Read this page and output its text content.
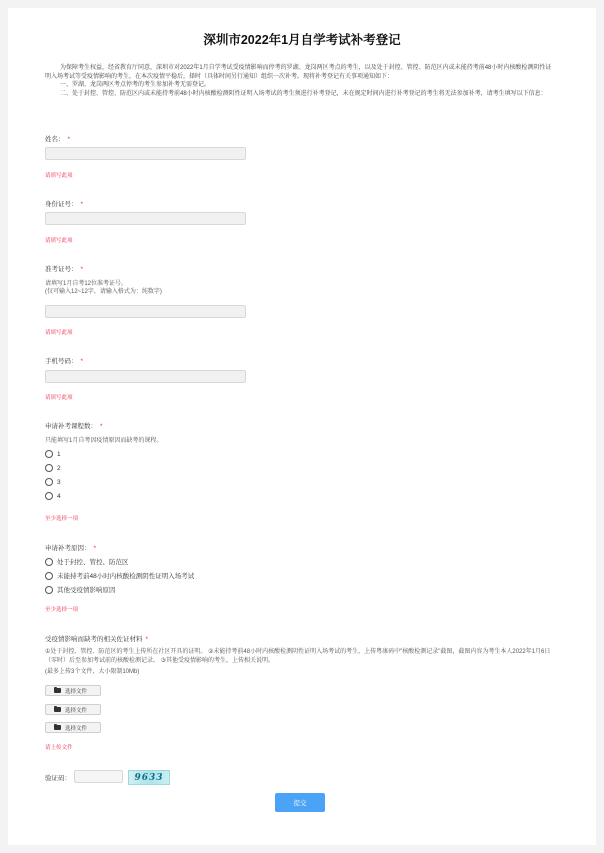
深圳市2022年1月自学考试补考登记

为保障考生权益，经省教育厅同意，深圳市对2022年1月自学考试受疫情影响而停考的罗湖、龙岗两区考点的考生，以及处于封控、管控、防范区内或未能持考前48小时内核酸检测阴性证明入场考试等受疫情影响的考生，在本次疫情平稳后，择时（具体时间另行通知）组织一次补考。现将补考登记有关事项通知如下：

一、罗湖、龙岗两区考点停考的考生参加补考无需登记。

二、处于封控、管控、防范区内或未能持考前48小时内核酸检测阴性证明入场考试的考生须进行补考登记，未在规定时间内进行补考登记的考生将无法参加补考，请考生填写以下信息：

姓名： *
请填写此项
身份证号： *
请填写此项
准考证号： *
请填写1月自考12位准考证号。
(仅可输入12~12字，请输入格式为：纯数字)
请填写此项
手机号码： *
请填写此项
申请补考课程数： *
只能填写1月自考因疫情原因而缺考的课程。
1
2
3
4
至少选择一项
申请补考原因： *
处于封控、管控、防范区
未能持考前48小时内核酸检测阴性证明入场考试
其他受疫情影响原因
至少选择一项
受疫情影响而缺考的相关佐证材料 *
①处于封控、管控、防范区的考生上传所在社区开具的证明。 ②未能持考前48小时内核酸检测阴性证明入场考试的考生，上传粤康码中"核酸检测记录"截图，截图内容为考生本人2022年1月6日（零时）后至参加考试前的核酸检测记录。 ③其他受疫情影响的考生，上传相关说明。
(最多上传3个文件，大小限制10Mb)
选择文件
选择文件
选择文件
请上传文件
验证码：	9633
提交
